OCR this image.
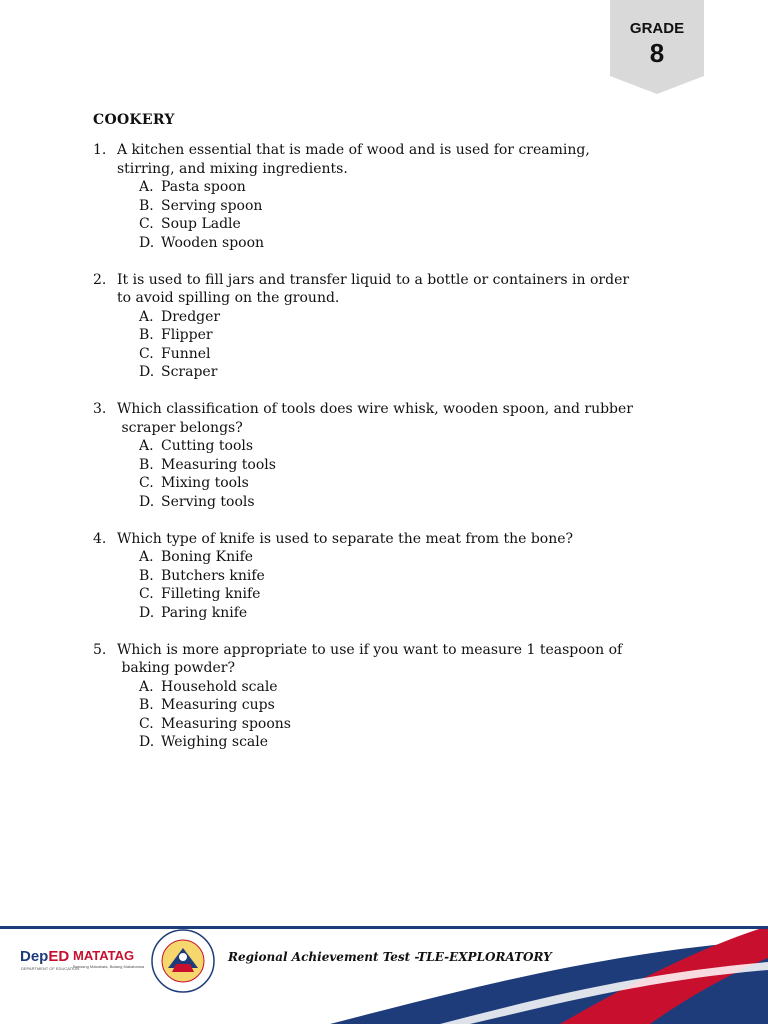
GRADE
8
COOKERY
1. A kitchen essential that is made of wood and is used for creaming,
stirring, and mixing ingredients.
A. Pasta spoon
B. Serving spoon
C. Soup Ladle
D. Wooden spoon
2. It is used to fill jars and transfer liquid to a bottle or containers in order
to avoid spilling on the ground.
A. Dredger
B. Flipper
C. Funnel
D. Scraper
3. Which classification of tools does wire whisk, wooden spoon, and rubber
scraper belongs?
A. Cutting tools
B. Measuring tools
C. Mixing tools
D. Serving tools
4. Which type of knife is used to separate the meat from the bone?
A. Boning Knife
B. Butchers knife
C. Filleting knife
D. Paring knife
5. Which is more appropriate to use if you want to measure 1 teaspoon of
baking powder?
A. Household scale
B. Measuring cups
C. Measuring spoons
D. Weighing scale
DepED
DEPARTMENT OF EDUCATION
MATATAG
Bansang Makabata, Batang Makabansa
Regional Achievement Test -TLE-EXPLORATORY
